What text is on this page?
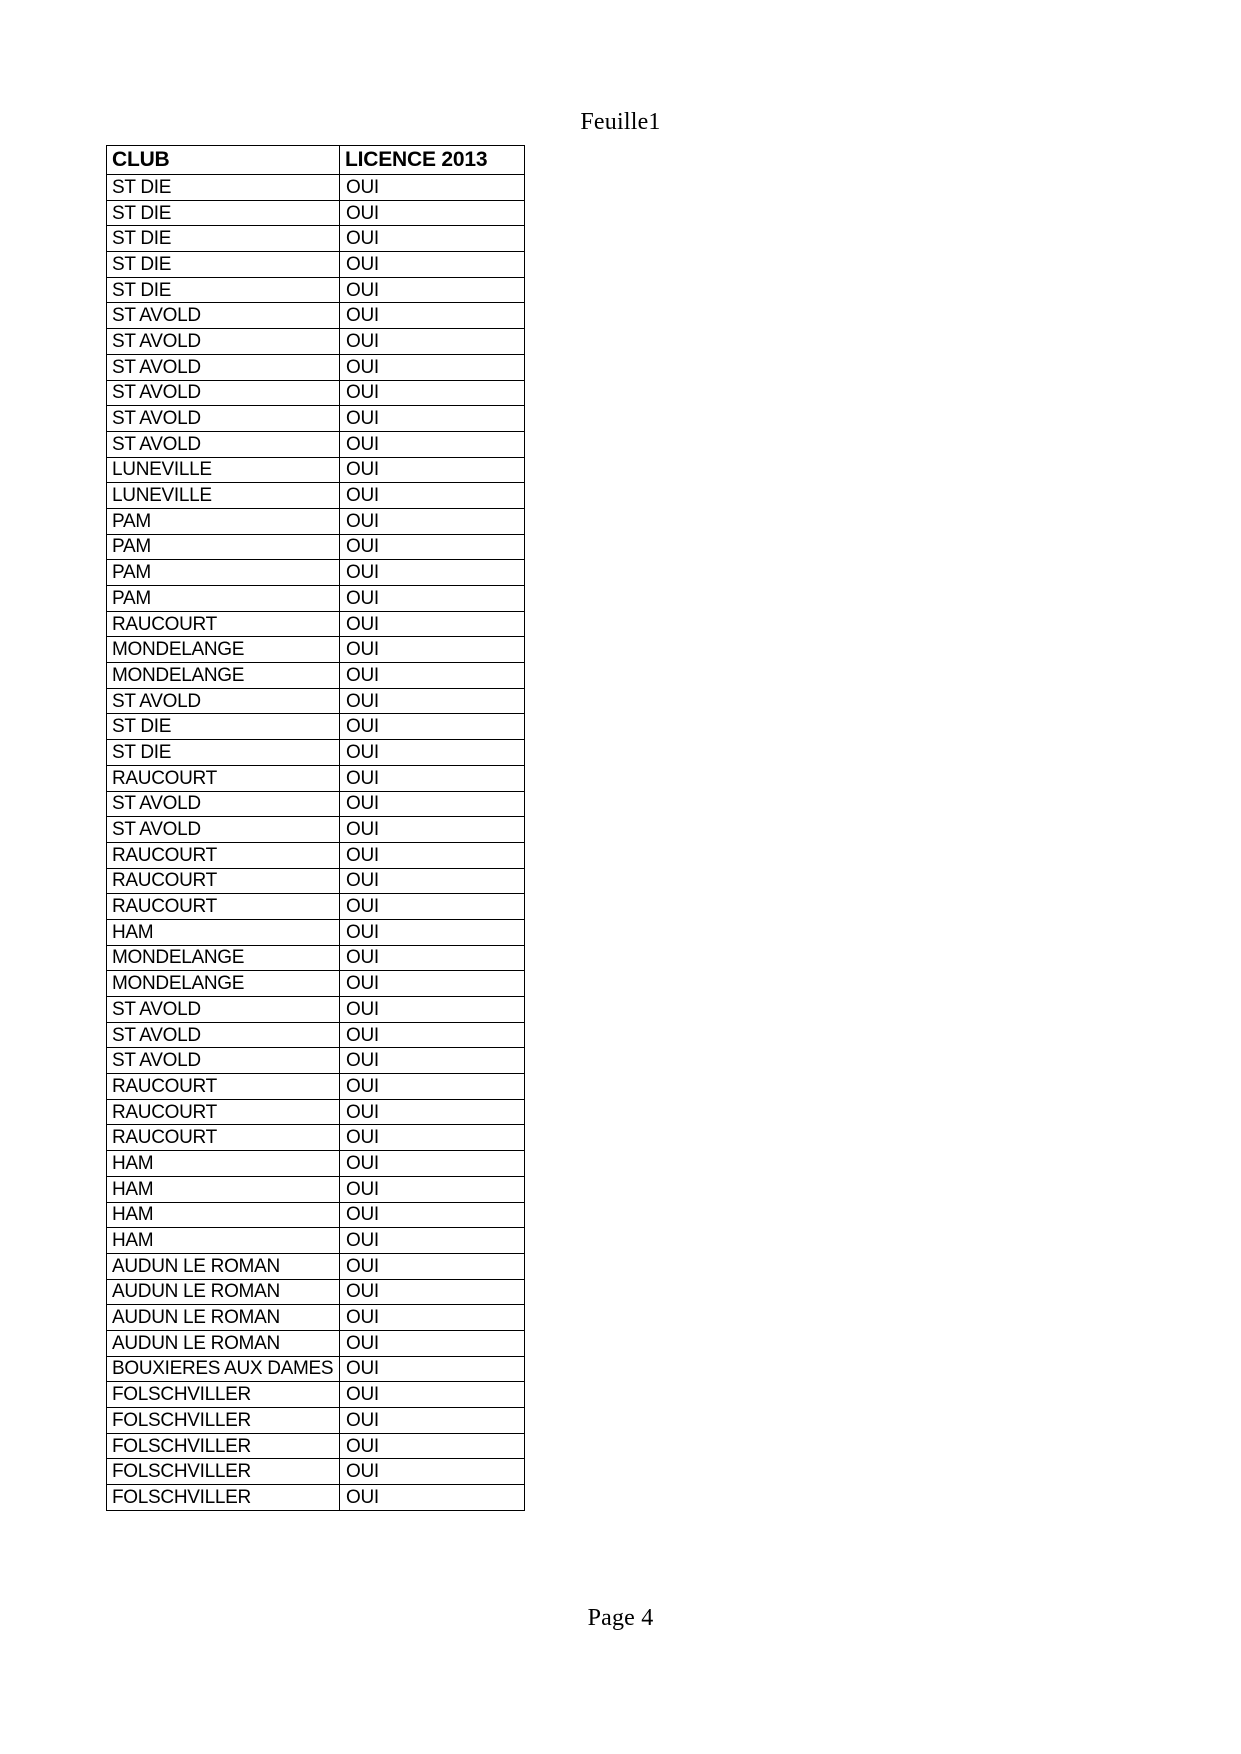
Feuille1
CLUB	LICENCE 2013
ST DIE	OUI
ST DIE	OUI
ST DIE	OUI
ST DIE	OUI
ST DIE	OUI
ST AVOLD	OUI
ST AVOLD	OUI
ST AVOLD	OUI
ST AVOLD	OUI
ST AVOLD	OUI
ST AVOLD	OUI
LUNEVILLE	OUI
LUNEVILLE	OUI
PAM	OUI
PAM	OUI
PAM	OUI
PAM	OUI
RAUCOURT	OUI
MONDELANGE	OUI
MONDELANGE	OUI
ST AVOLD	OUI
ST DIE	OUI
ST DIE	OUI
RAUCOURT	OUI
ST AVOLD	OUI
ST AVOLD	OUI
RAUCOURT	OUI
RAUCOURT	OUI
RAUCOURT	OUI
HAM	OUI
MONDELANGE	OUI
MONDELANGE	OUI
ST AVOLD	OUI
ST AVOLD	OUI
ST AVOLD	OUI
RAUCOURT	OUI
RAUCOURT	OUI
RAUCOURT	OUI
HAM	OUI
HAM	OUI
HAM	OUI
HAM	OUI
AUDUN LE ROMAN	OUI
AUDUN LE ROMAN	OUI
AUDUN LE ROMAN	OUI
AUDUN LE ROMAN	OUI
BOUXIERES AUX DAMES	OUI
FOLSCHVILLER	OUI
FOLSCHVILLER	OUI
FOLSCHVILLER	OUI
FOLSCHVILLER	OUI
FOLSCHVILLER	OUI
Page 4
